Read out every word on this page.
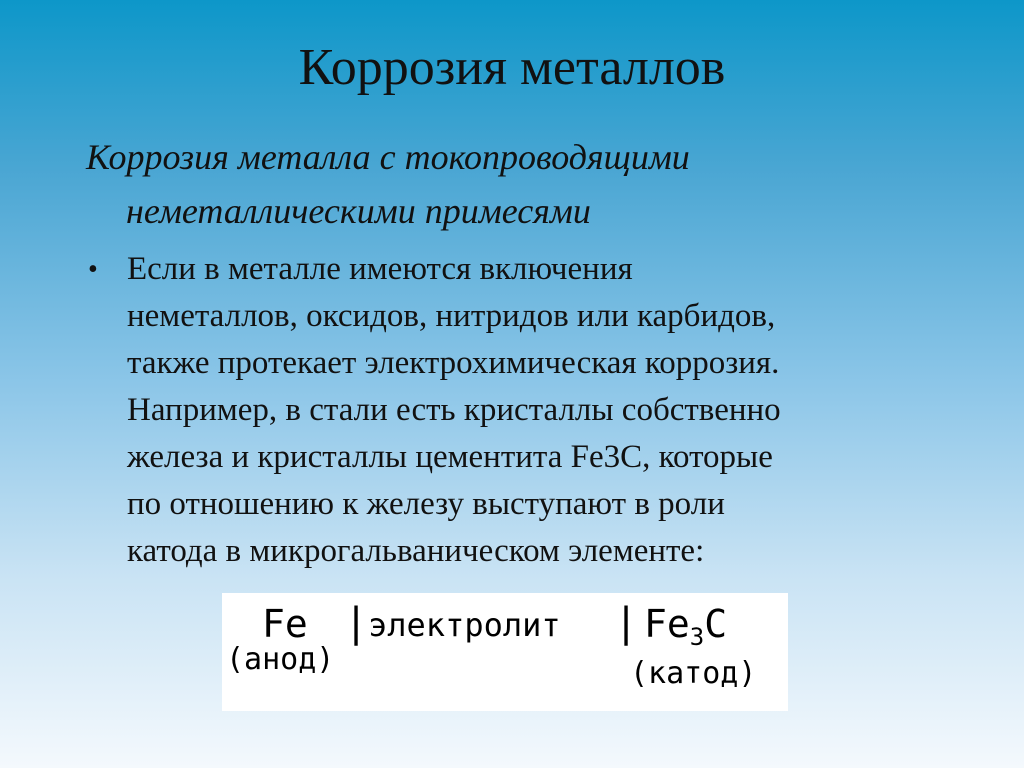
Коррозия металлов

Коррозия металла с токопроводящими
неметаллическими примесями

• Если в металле имеются включения
неметаллов, оксидов, нитридов или карбидов,
также протекает электрохимическая коррозия.
Например, в стали есть кристаллы собственно
железа и кристаллы цементита Fe3C, которые
по отношению к железу выступают в роли
катода в микрогальваническом элементе:
Fe
(анод)
| электролит | $Fe_3C$
(катод)
